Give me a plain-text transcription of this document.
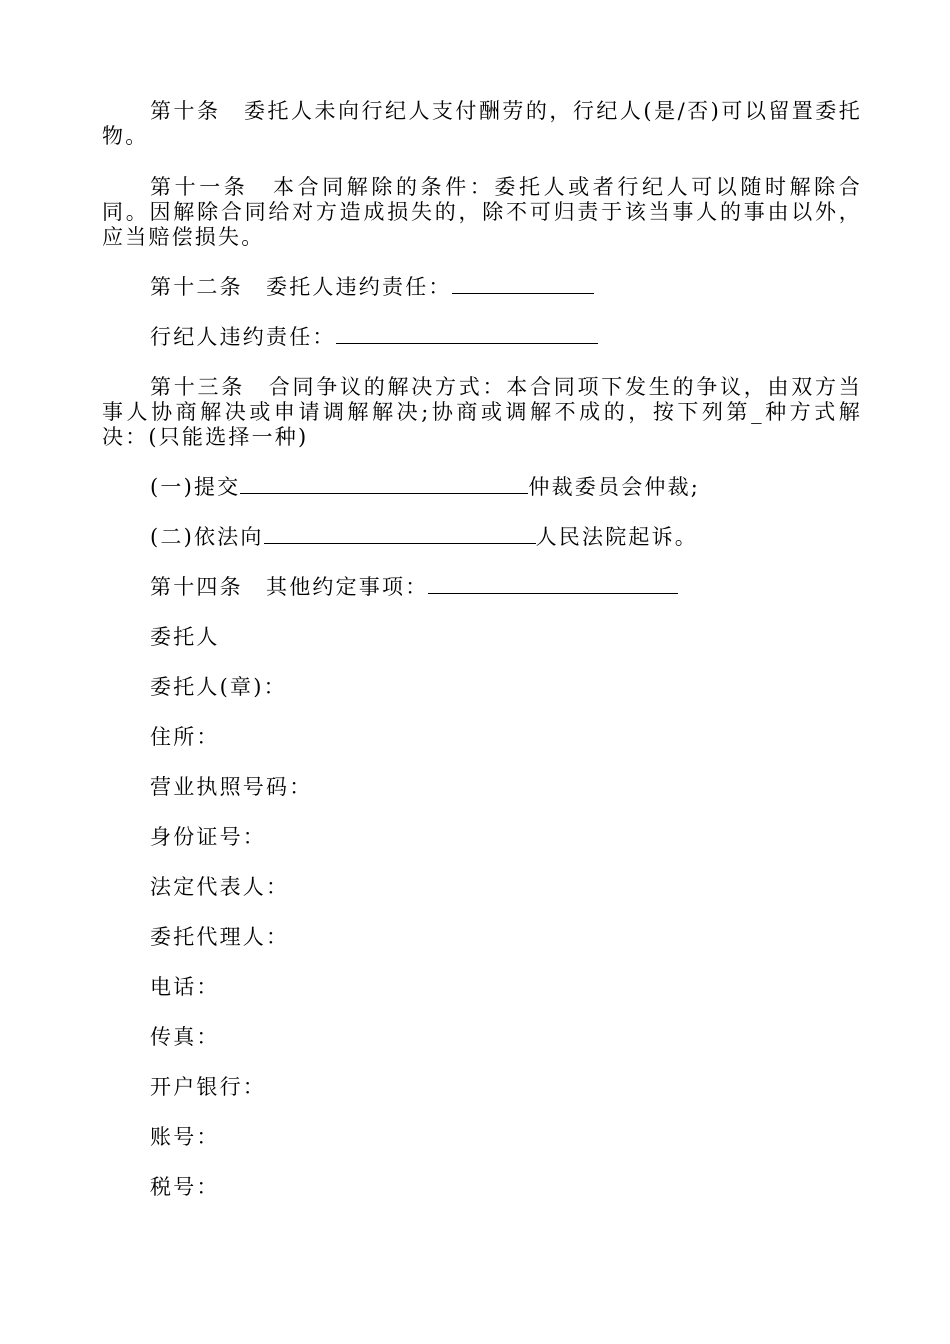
第十条　委托人未向行纪人支付酬劳的，行纪人(是/否)可以留置委托物。
第十一条　本合同解除的条件：委托人或者行纪人可以随时解除合同。因解除合同给对方造成损失的，除不可归责于该当事人的事由以外，应当赔偿损失。
第十二条　委托人违约责任：
行纪人违约责任：
第十三条　合同争议的解决方式：本合同项下发生的争议，由双方当事人协商解决或申请调解解决;协商或调解不成的，按下列第_种方式解决：(只能选择一种)
(一)提交	仲裁委员会仲裁;
(二)依法向	人民法院起诉。
第十四条　其他约定事项：
委托人
委托人(章)：
住所：
营业执照号码：
身份证号：
法定代表人：
委托代理人：
电话：
传真：
开户银行：
账号：
税号：
